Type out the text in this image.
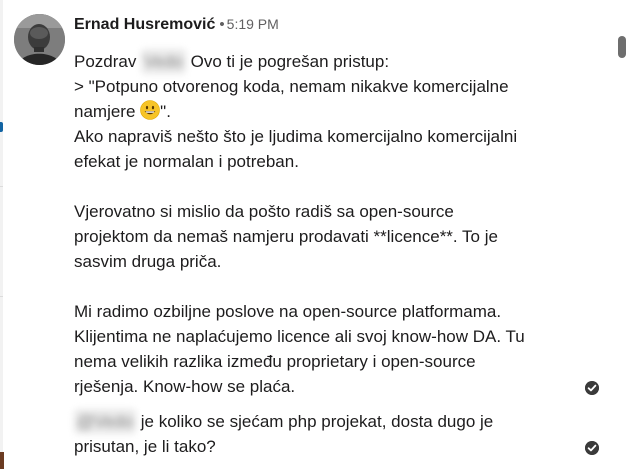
Ernad Husremović • 5:19 PM
Pozdrav Vedo Ovo ti je pogrešan pristup:
> "Potpuno otvorenog koda, nemam nikakve komercijalne
namjere ".
Ako napraviš nešto što je ljudima komercijalno komercijalni
efekat je normalan i potreban.
Vjerovatno si mislio da pošto radiš sa open-source
projektom da nemaš namjeru prodavati **licence**. To je
sasvim druga priča.
Mi radimo ozbiljne poslove na open-source platformama.
Klijentima ne naplaćujemo licence ali svoj know-how DA. Tu
nema velikih razlika između proprietary i open-source
rješenja. Know-how se plaća.
@Vedo je koliko se sjećam php projekat, dosta dugo je
prisutan, je li tako?
